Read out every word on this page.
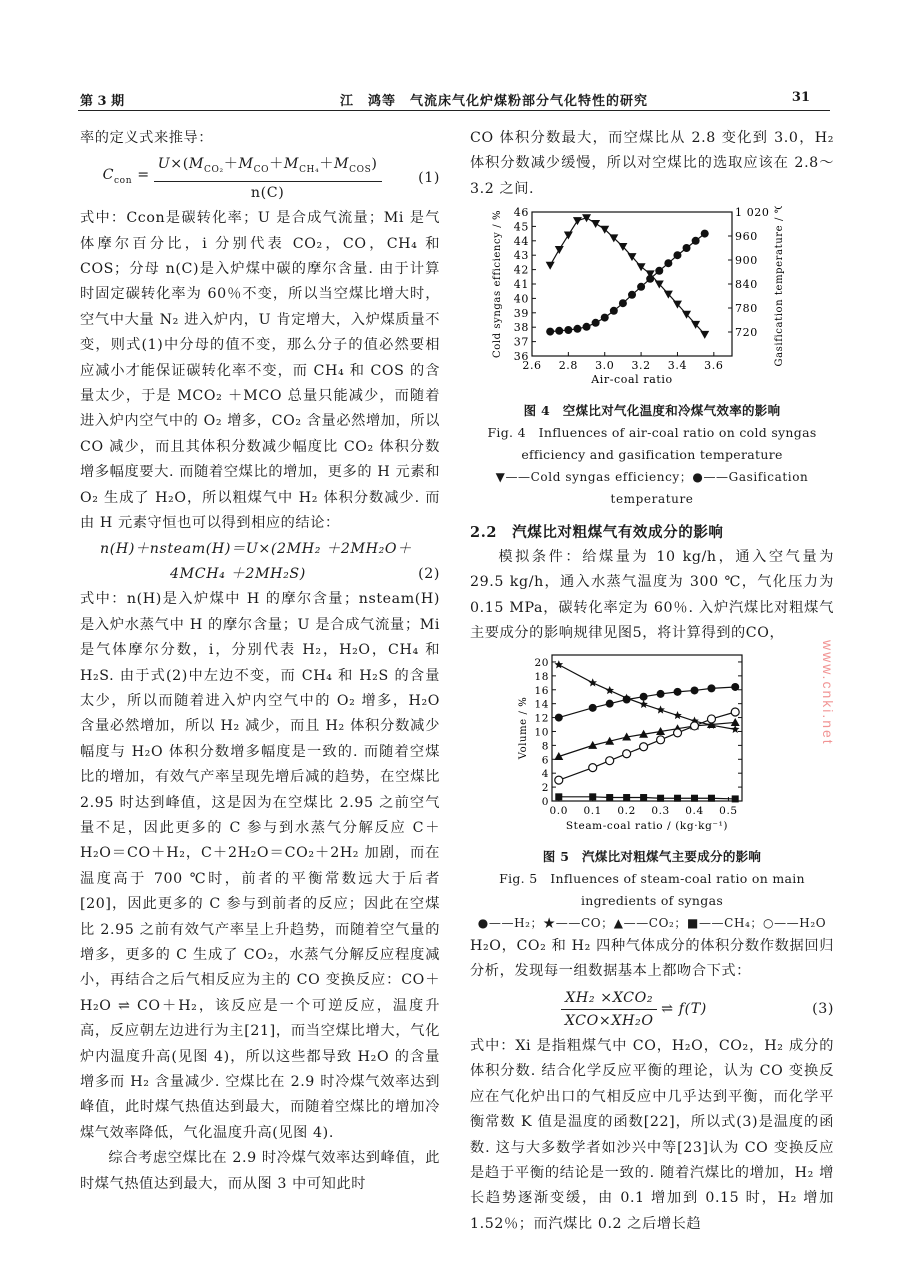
第 3 期	江　鸿等　气流床气化炉煤粉部分气化特性的研究	31

率的定义式来推导：

$C_{con} = \frac{U\times(M_{CO_2}+M_{CO}+M_{CH_4}+M_{COS})}{n(C)}$	(1)

式中：Ccon是碳转化率；U 是合成气流量；Mi 是气体摩尔百分比，i 分别代表 CO₂，CO，CH₄ 和 COS；分母 n(C)是入炉煤中碳的摩尔含量. 由于计算时固定碳转化率为 60％不变，所以当空煤比增大时，空气中大量 N₂ 进入炉内，U 肯定增大，入炉煤质量不变，则式(1)中分母的值不变，那么分子的值必然要相应减小才能保证碳转化率不变，而 CH₄ 和 COS 的含量太少，于是 MCO₂ ＋MCO 总量只能减少，而随着进入炉内空气中的 O₂ 增多，CO₂ 含量必然增加，所以 CO 减少，而且其体积分数减少幅度比 CO₂ 体积分数增多幅度要大. 而随着空煤比的增加，更多的 H 元素和 O₂ 生成了 H₂O，所以粗煤气中 H₂ 体积分数减少. 而由 H 元素守恒也可以得到相应的结论：

n(H)＋nsteam(H)＝U×(2MH₂ ＋2MH₂O＋
4MCH₄ ＋2MH₂S)	(2)

式中：n(H)是入炉煤中 H 的摩尔含量；nsteam(H)是入炉水蒸气中 H 的摩尔含量；U 是合成气流量；Mi 是气体摩尔分数，i，分别代表 H₂，H₂O，CH₄ 和 H₂S. 由于式(2)中左边不变，而 CH₄ 和 H₂S 的含量太少，所以而随着进入炉内空气中的 O₂ 增多，H₂O 含量必然增加，所以 H₂ 减少，而且 H₂ 体积分数减少幅度与 H₂O 体积分数增多幅度是一致的. 而随着空煤比的增加，有效气产率呈现先增后减的趋势，在空煤比 2.95 时达到峰值，这是因为在空煤比 2.95 之前空气量不足，因此更多的 C 参与到水蒸气分解反应 C＋H₂O＝CO＋H₂，C＋2H₂O＝CO₂＋2H₂ 加剧，而在温度高于 700 ℃时，前者的平衡常数远大于后者[20]，因此更多的 C 参与到前者的反应；因此在空煤比 2.95 之前有效气产率呈上升趋势，而随着空气量的增多，更多的 C 生成了 CO₂，水蒸气分解反应程度减小，再结合之后气相反应为主的 CO 变换反应：CO＋H₂O ⇌ CO＋H₂，该反应是一个可逆反应，温度升高，反应朝左边进行为主[21]，而当空煤比增大，气化炉内温度升高(见图 4)，所以这些都导致 H₂O 的含量增多而 H₂ 含量减少. 空煤比在 2.9 时冷煤气效率达到峰值，此时煤气热值达到最大，而随着空煤比的增加冷煤气效率降低，气化温度升高(见图 4).

综合考虑空煤比在 2.9 时冷煤气效率达到峰值，此时煤气热值达到最大，而从图 3 中可知此时

CO 体积分数最大，而空煤比从 2.8 变化到 3.0，H₂ 体积分数减少缓慢，所以对空煤比的选取应该在 2.8～3.2 之间.

2.6 2.8 3.0 3.2 3.4 3.6
36
37
38
39
40
41
42
43
44
45
46
720
780
840
900
960
1 020
Air-coal ratio
Cold syngas efficiency / %	Gasification temperature / ℃
图 4　空煤比对气化温度和冷煤气效率的影响
Fig. 4　Influences of air-coal ratio on cold syngas
efficiency and gasification temperature
▼——Cold syngas efficiency；●——Gasification temperature
2.2　汽煤比对粗煤气有效成分的影响

模拟条件：给煤量为 10 kg/h，通入空气量为 29.5 kg/h，通入水蒸气温度为 300 ℃，气化压力为 0.15 MPa，碳转化率定为 60％. 入炉汽煤比对粗煤气主要成分的影响规律见图5，将计算得到的CO，

0.0 0.1 0.2 0.3 0.4 0.5
0
2
4
6
8
10
12
14
16
18
20
Steam-coal ratio / (kg·kg⁻¹)
Volume / %
图 5　汽煤比对粗煤气主要成分的影响
Fig. 5　Influences of steam-coal ratio on main
ingredients of syngas
●——H₂；★——CO；▲——CO₂；■——CH₄；○——H₂O

H₂O，CO₂ 和 H₂ 四种气体成分的体积分数作数据回归分析，发现每一组数据基本上都吻合下式：

$\frac{\text{XH₂ ×XCO₂}}{\text{XCO×XH₂O}}$ ⇌ f(T)	(3)

式中：Xi 是指粗煤气中 CO，H₂O，CO₂，H₂ 成分的体积分数. 结合化学反应平衡的理论，认为 CO 变换反应在气化炉出口的气相反应中几乎达到平衡，而化学平衡常数 K 值是温度的函数[22]，所以式(3)是温度的函数. 这与大多数学者如沙兴中等[23]认为 CO 变换反应是趋于平衡的结论是一致的. 随着汽煤比的增加，H₂ 增长趋势逐渐变缓，由 0.1 增加到 0.15 时，H₂ 增加 1.52％；而汽煤比 0.2 之后增长趋

www.cnki.net
